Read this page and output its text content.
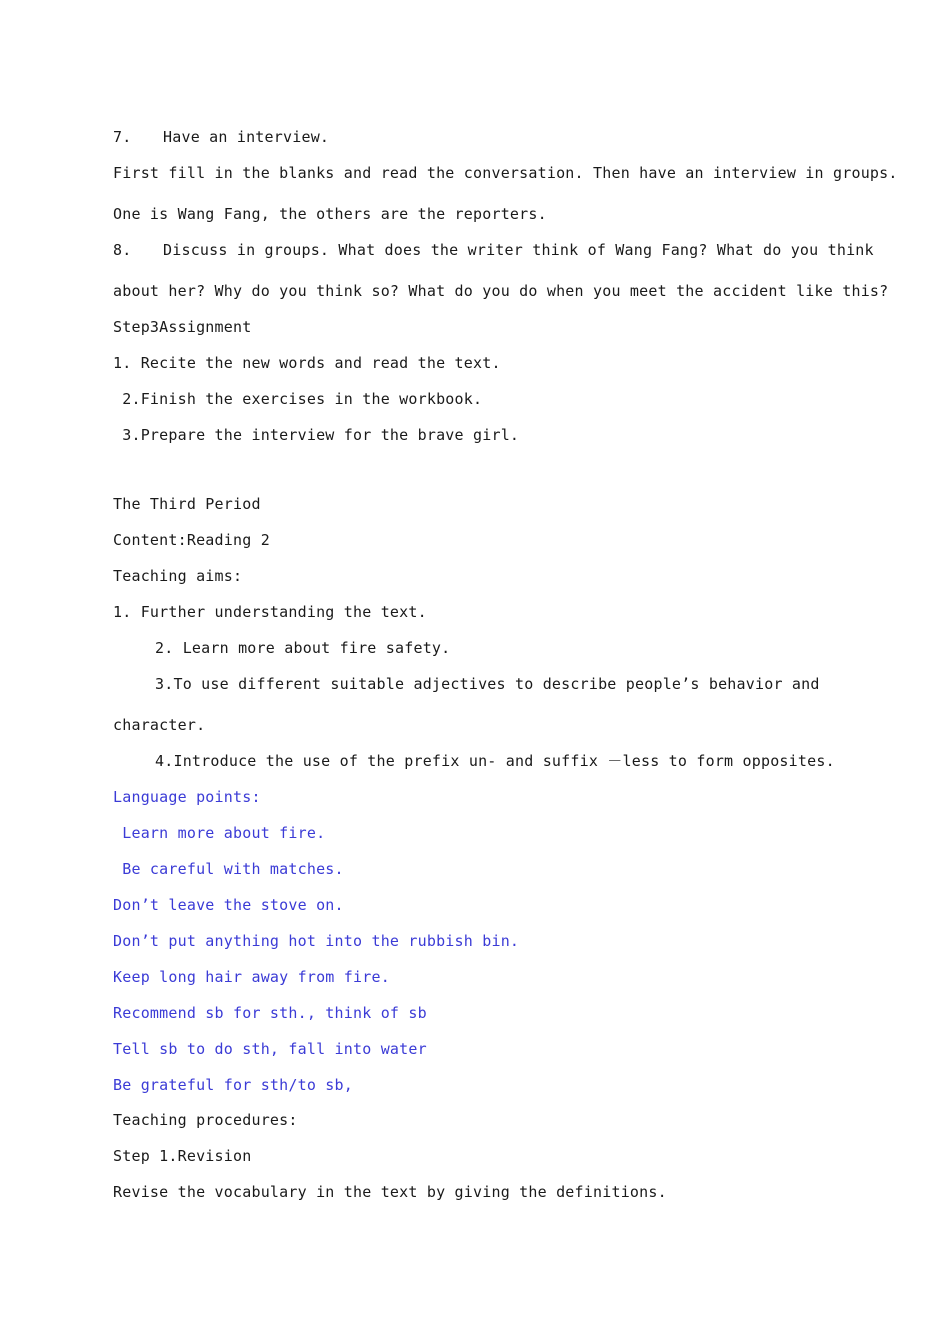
7. Have an interview.
First fill in the blanks and read the conversation. Then have an interview in groups.
One is Wang Fang, the others are the reporters.
8. Discuss in groups. What does the writer think of Wang Fang? What do you think
about her? Why do you think so? What do you do when you meet the accident like this?
Step3Assignment
1. Recite the new words and read the text.
2.Finish the exercises in the workbook.
3.Prepare the interview for the brave girl.
The Third Period
Content:Reading 2
Teaching aims:
1. Further understanding the text.
2. Learn more about fire safety.
3.To use different suitable adjectives to describe people’s behavior and
character.
4.Introduce the use of the prefix un- and suffix －less to form opposites.
Language points:
Learn more about fire.
Be careful with matches.
Don’t leave the stove on.
Don’t put anything hot into the rubbish bin.
Keep long hair away from fire.
Recommend sb for sth., think of sb
Tell sb to do sth, fall into water
Be grateful for sth/to sb,
Teaching procedures:
Step 1.Revision
Revise the vocabulary in the text by giving the definitions.
